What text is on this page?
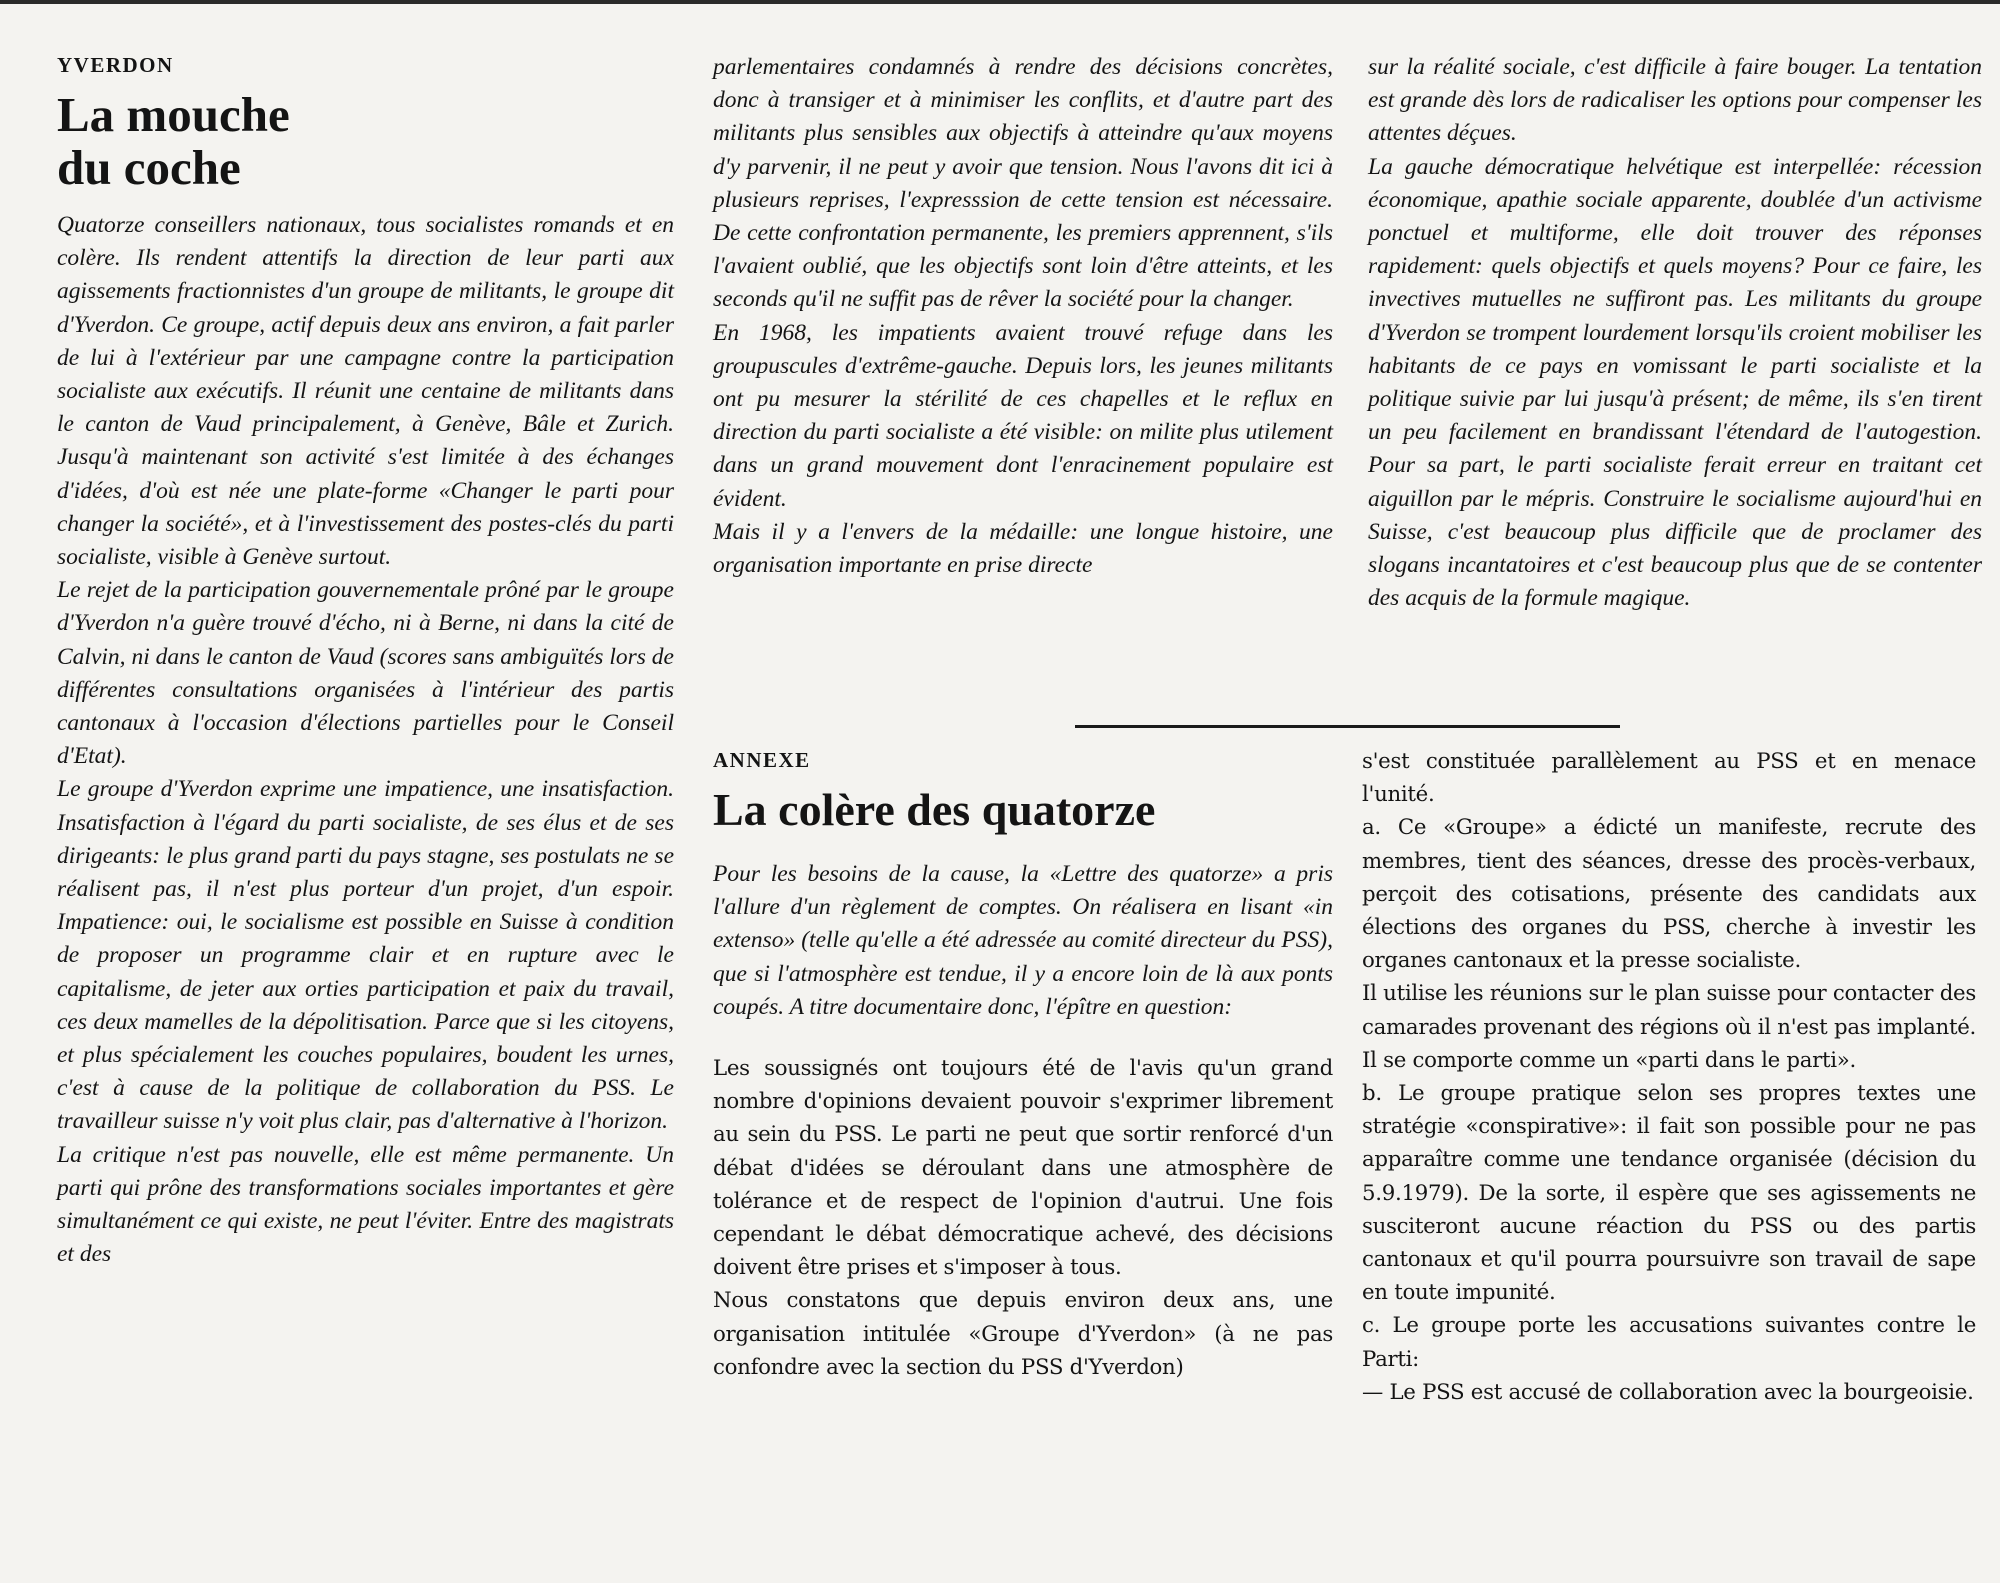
YVERDON

La mouche
du coche

Quatorze conseillers nationaux, tous socialistes romands et en colère. Ils rendent attentifs la direction de leur parti aux agissements fractionnistes d'un groupe de militants, le groupe dit d'Yverdon. Ce groupe, actif depuis deux ans environ, a fait parler de lui à l'extérieur par une campagne contre la participation socialiste aux exécutifs. Il réunit une centaine de militants dans le canton de Vaud principalement, à Genève, Bâle et Zurich. Jusqu'à maintenant son activité s'est limitée à des échanges d'idées, d'où est née une plate-forme «Changer le parti pour changer la société», et à l'investissement des postes-clés du parti socialiste, visible à Genève surtout.

Le rejet de la participation gouvernementale prôné par le groupe d'Yverdon n'a guère trouvé d'écho, ni à Berne, ni dans la cité de Calvin, ni dans le canton de Vaud (scores sans ambiguïtés lors de différentes consultations organisées à l'intérieur des partis cantonaux à l'occasion d'élections partielles pour le Conseil d'Etat).

Le groupe d'Yverdon exprime une impatience, une insatisfaction. Insatisfaction à l'égard du parti socialiste, de ses élus et de ses dirigeants: le plus grand parti du pays stagne, ses postulats ne se réalisent pas, il n'est plus porteur d'un projet, d'un espoir. Impatience: oui, le socialisme est possible en Suisse à condition de proposer un programme clair et en rupture avec le capitalisme, de jeter aux orties participation et paix du travail, ces deux mamelles de la dépolitisation. Parce que si les citoyens, et plus spécialement les couches populaires, boudent les urnes, c'est à cause de la politique de collaboration du PSS. Le travailleur suisse n'y voit plus clair, pas d'alternative à l'horizon.

La critique n'est pas nouvelle, elle est même permanente. Un parti qui prône des transformations sociales importantes et gère simultanément ce qui existe, ne peut l'éviter. Entre des magistrats et des

parlementaires condamnés à rendre des décisions concrètes, donc à transiger et à minimiser les conflits, et d'autre part des militants plus sensibles aux objectifs à atteindre qu'aux moyens d'y parvenir, il ne peut y avoir que tension. Nous l'avons dit ici à plusieurs reprises, l'expresssion de cette tension est nécessaire. De cette confrontation permanente, les premiers apprennent, s'ils l'avaient oublié, que les objectifs sont loin d'être atteints, et les seconds qu'il ne suffit pas de rêver la société pour la changer.

En 1968, les impatients avaient trouvé refuge dans les groupuscules d'extrême-gauche. Depuis lors, les jeunes militants ont pu mesurer la stérilité de ces chapelles et le reflux en direction du parti socialiste a été visible: on milite plus utilement dans un grand mouvement dont l'enracinement populaire est évident.

Mais il y a l'envers de la médaille: une longue histoire, une organisation importante en prise directe

sur la réalité sociale, c'est difficile à faire bouger. La tentation est grande dès lors de radicaliser les options pour compenser les attentes déçues.

La gauche démocratique helvétique est interpellée: récession économique, apathie sociale apparente, doublée d'un activisme ponctuel et multiforme, elle doit trouver des réponses rapidement: quels objectifs et quels moyens? Pour ce faire, les invectives mutuelles ne suffiront pas. Les militants du groupe d'Yverdon se trompent lourdement lorsqu'ils croient mobiliser les habitants de ce pays en vomissant le parti socialiste et la politique suivie par lui jusqu'à présent; de même, ils s'en tirent un peu facilement en brandissant l'étendard de l'autogestion. Pour sa part, le parti socialiste ferait erreur en traitant cet aiguillon par le mépris. Construire le socialisme aujourd'hui en Suisse, c'est beaucoup plus difficile que de proclamer des slogans incantatoires et c'est beaucoup plus que de se contenter des acquis de la formule magique.

ANNEXE

La colère des quatorze

Pour les besoins de la cause, la «Lettre des quatorze» a pris l'allure d'un règlement de comptes. On réalisera en lisant «in extenso» (telle qu'elle a été adressée au comité directeur du PSS), que si l'atmosphère est tendue, il y a encore loin de là aux ponts coupés. A titre documentaire donc, l'épître en question:

Les soussignés ont toujours été de l'avis qu'un grand nombre d'opinions devaient pouvoir s'exprimer librement au sein du PSS. Le parti ne peut que sortir renforcé d'un débat d'idées se déroulant dans une atmosphère de tolérance et de respect de l'opinion d'autrui. Une fois cependant le débat démocratique achevé, des décisions doivent être prises et s'imposer à tous.

Nous constatons que depuis environ deux ans, une organisation intitulée «Groupe d'Yverdon» (à ne pas confondre avec la section du PSS d'Yverdon)

s'est constituée parallèlement au PSS et en menace l'unité.

a. Ce «Groupe» a édicté un manifeste, recrute des membres, tient des séances, dresse des procès-verbaux, perçoit des cotisations, présente des candidats aux élections des organes du PSS, cherche à investir les organes cantonaux et la presse socialiste.

Il utilise les réunions sur le plan suisse pour contacter des camarades provenant des régions où il n'est pas implanté. Il se comporte comme un «parti dans le parti».

b. Le groupe pratique selon ses propres textes une stratégie «conspirative»: il fait son possible pour ne pas apparaître comme une tendance organisée (décision du 5.9.1979). De la sorte, il espère que ses agissements ne susciteront aucune réaction du PSS ou des partis cantonaux et qu'il pourra poursuivre son travail de sape en toute impunité.

c. Le groupe porte les accusations suivantes contre le Parti:

— Le PSS est accusé de collaboration avec la bourgeoisie.
